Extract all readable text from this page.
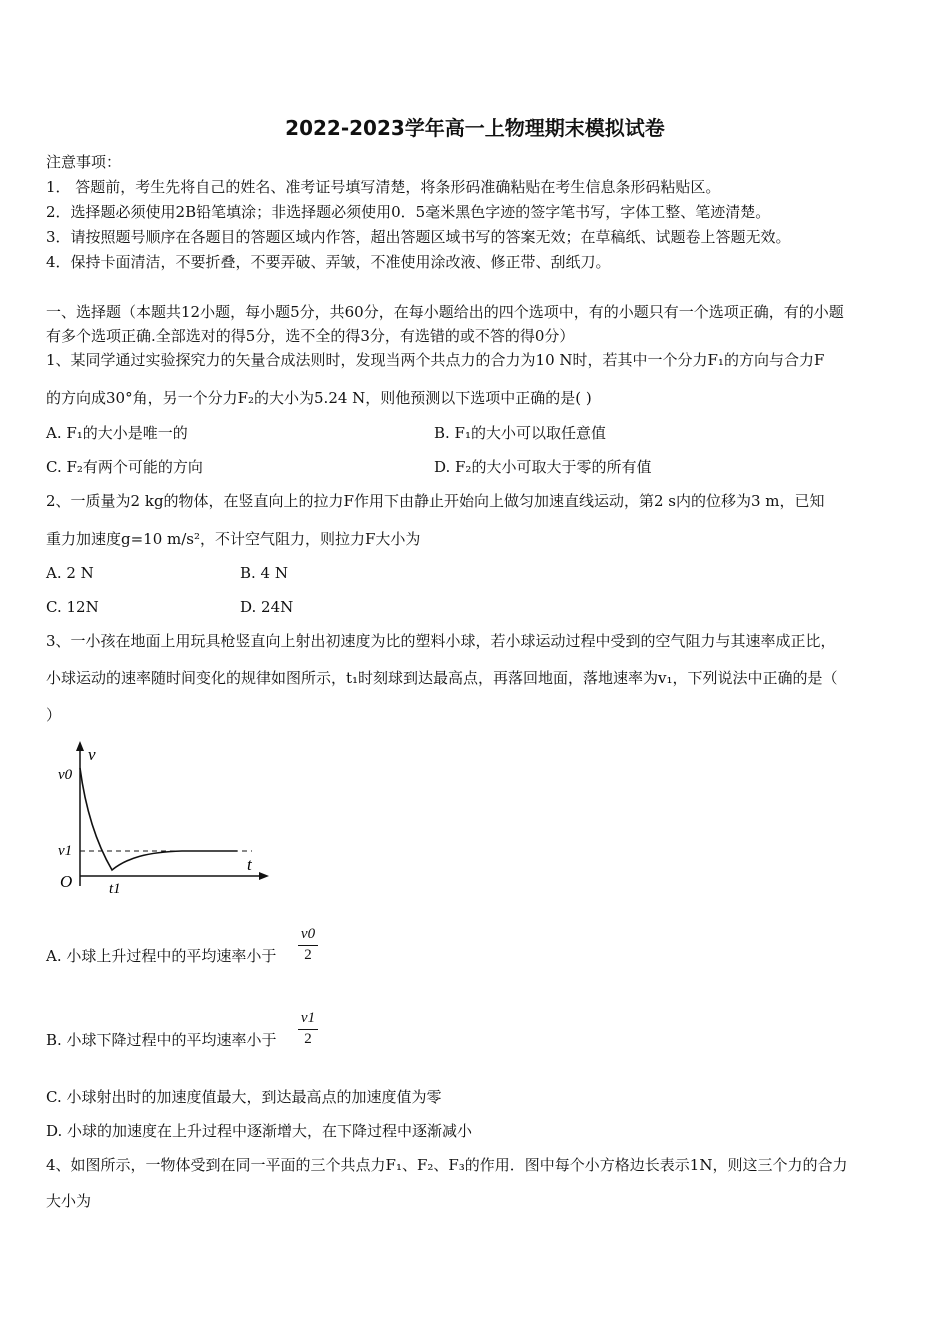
2022-2023学年高一上物理期末模拟试卷
注意事项：
1． 答题前，考生先将自己的姓名、准考证号填写清楚，将条形码准确粘贴在考生信息条形码粘贴区。
2．选择题必须使用2B铅笔填涂；非选择题必须使用0．5毫米黑色字迹的签字笔书写，字体工整、笔迹清楚。
3．请按照题号顺序在各题目的答题区域内作答，超出答题区域书写的答案无效；在草稿纸、试题卷上答题无效。
4．保持卡面清洁，不要折叠，不要弄破、弄皱，不准使用涂改液、修正带、刮纸刀。
一、选择题（本题共12小题，每小题5分，共60分，在每小题给出的四个选项中，有的小题只有一个选项正确，有的小题
有多个选项正确.全部选对的得5分，选不全的得3分，有选错的或不答的得0分）
1、某同学通过实验探究力的矢量合成法则时，发现当两个共点力的合力为10 N时，若其中一个分力F₁的方向与合力F
的方向成30°角，另一个分力F₂的大小为5.24 N，则他预测以下选项中正确的是( )
A. F₁的大小是唯一的	B. F₁的大小可以取任意值
C. F₂有两个可能的方向	D. F₂的大小可取大于零的所有值
2、一质量为2 kg的物体，在竖直向上的拉力F作用下由静止开始向上做匀加速直线运动，第2 s内的位移为3 m，已知
重力加速度g=10 m/s²，不计空气阻力，则拉力F大小为
A. 2 N	B. 4 N
C. 12N	D. 24N
3、一小孩在地面上用玩具枪竖直向上射出初速度为比的塑料小球，若小球运动过程中受到的空气阻力与其速率成正比，
小球运动的速率随时间变化的规律如图所示，t₁时刻球到达最高点，再落回地面，落地速率为v₁，下列说法中正确的是（
）
v
t
v0
v1
O t1
A. 小球上升过程中的平均速率小于
v0
2
B. 小球下降过程中的平均速率小于
v1
2
C. 小球射出时的加速度值最大，到达最高点的加速度值为零
D. 小球的加速度在上升过程中逐渐增大，在下降过程中逐渐减小
4、如图所示，一物体受到在同一平面的三个共点力F₁、F₂、F₃的作用．图中每个小方格边长表示1N，则这三个力的合力
大小为
